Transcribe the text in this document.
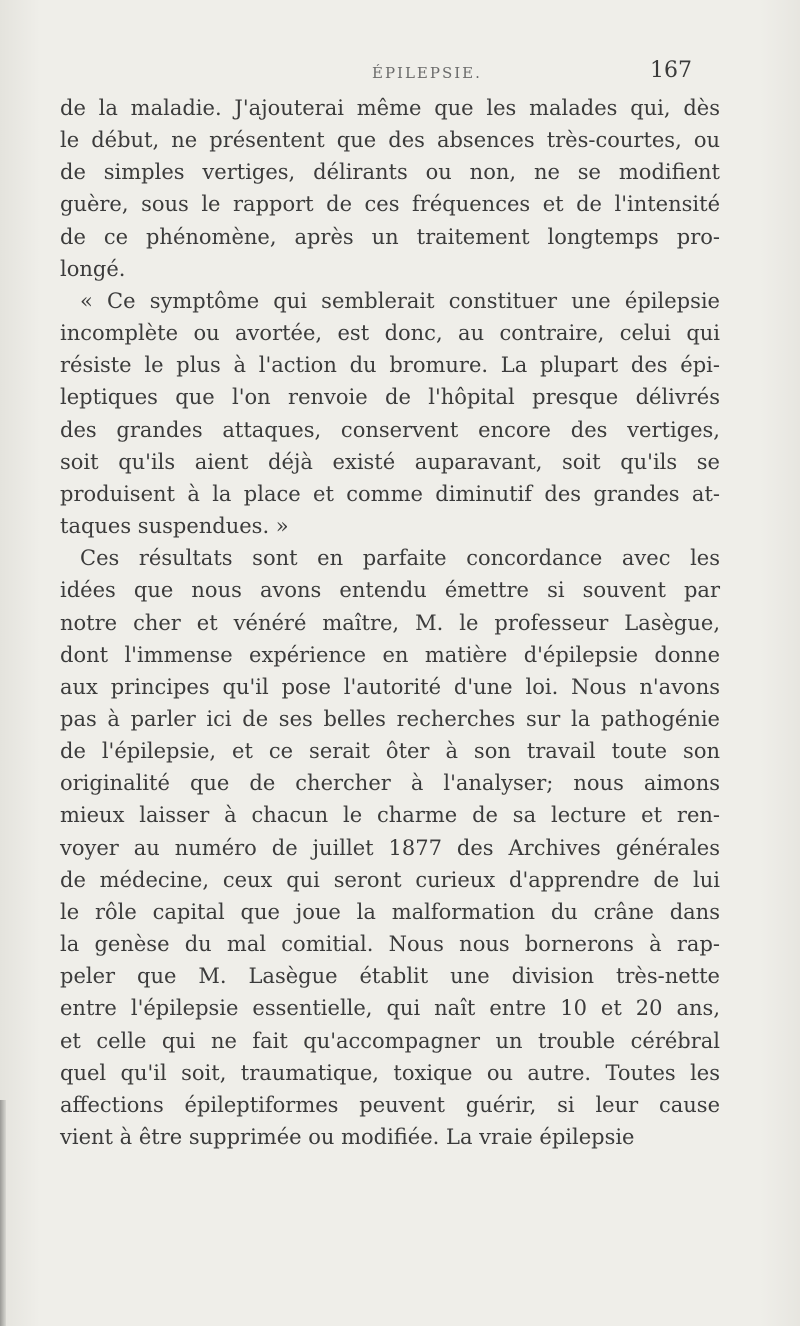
ÉPILEPSIE.	167
de la maladie. J'ajouterai même que les malades qui, dès
le début, ne présentent que des absences très-courtes, ou
de simples vertiges, délirants ou non, ne se modifient
guère, sous le rapport de ces fréquences et de l'intensité
de ce phénomène, après un traitement longtemps pro-
longé.
« Ce symptôme qui semblerait constituer une épilepsie
incomplète ou avortée, est donc, au contraire, celui qui
résiste le plus à l'action du bromure. La plupart des épi-
leptiques que l'on renvoie de l'hôpital presque délivrés
des grandes attaques, conservent encore des vertiges,
soit qu'ils aient déjà existé auparavant, soit qu'ils se
produisent à la place et comme diminutif des grandes at-
taques suspendues. »
Ces résultats sont en parfaite concordance avec les
idées que nous avons entendu émettre si souvent par
notre cher et vénéré maître, M. le professeur Lasègue,
dont l'immense expérience en matière d'épilepsie donne
aux principes qu'il pose l'autorité d'une loi. Nous n'avons
pas à parler ici de ses belles recherches sur la pathogénie
de l'épilepsie, et ce serait ôter à son travail toute son
originalité que de chercher à l'analyser; nous aimons
mieux laisser à chacun le charme de sa lecture et ren-
voyer au numéro de juillet 1877 des Archives générales
de médecine, ceux qui seront curieux d'apprendre de lui
le rôle capital que joue la malformation du crâne dans
la genèse du mal comitial. Nous nous bornerons à rap-
peler que M. Lasègue établit une division très-nette
entre l'épilepsie essentielle, qui naît entre 10 et 20 ans,
et celle qui ne fait qu'accompagner un trouble cérébral
quel qu'il soit, traumatique, toxique ou autre. Toutes les
affections épileptiformes peuvent guérir, si leur cause
vient à être supprimée ou modifiée. La vraie épilepsie
